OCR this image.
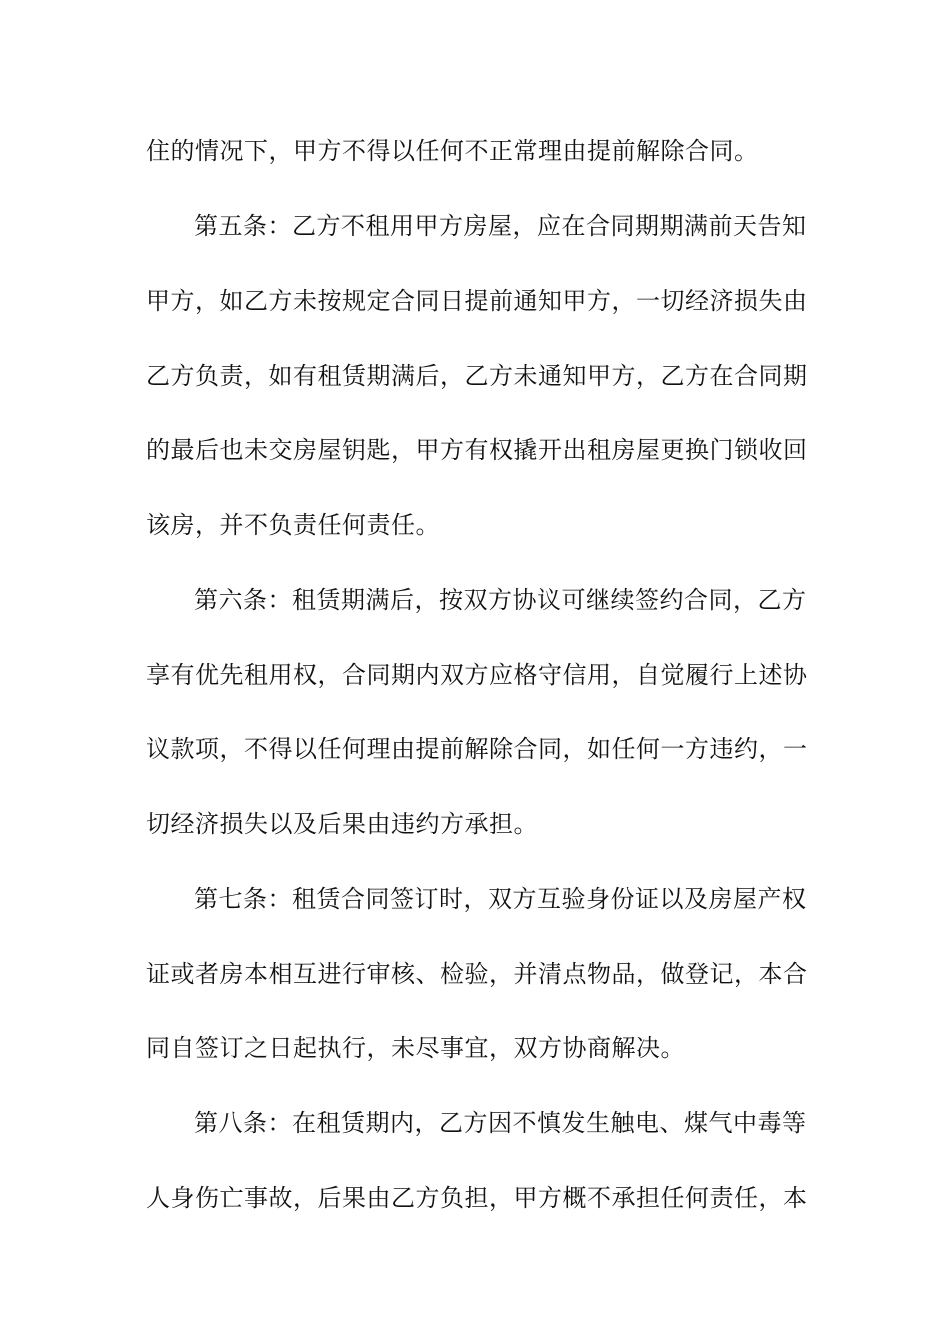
住的情况下，甲方不得以任何不正常理由提前解除合同。
第五条：乙方不租用甲方房屋，应在合同期期满前天告知
甲方，如乙方未按规定合同日提前通知甲方，一切经济损失由
乙方负责，如有租赁期满后，乙方未通知甲方，乙方在合同期
的最后也未交房屋钥匙，甲方有权撬开出租房屋更换门锁收回
该房，并不负责任何责任。
第六条：租赁期满后，按双方协议可继续签约合同，乙方
享有优先租用权，合同期内双方应格守信用，自觉履行上述协
议款项，不得以任何理由提前解除合同，如任何一方违约，一
切经济损失以及后果由违约方承担。
第七条：租赁合同签订时，双方互验身份证以及房屋产权
证或者房本相互进行审核、检验，并清点物品，做登记，本合
同自签订之日起执行，未尽事宜，双方协商解决。
第八条：在租赁期内，乙方因不慎发生触电、煤气中毒等
人身伤亡事故，后果由乙方负担，甲方概不承担任何责任，本
